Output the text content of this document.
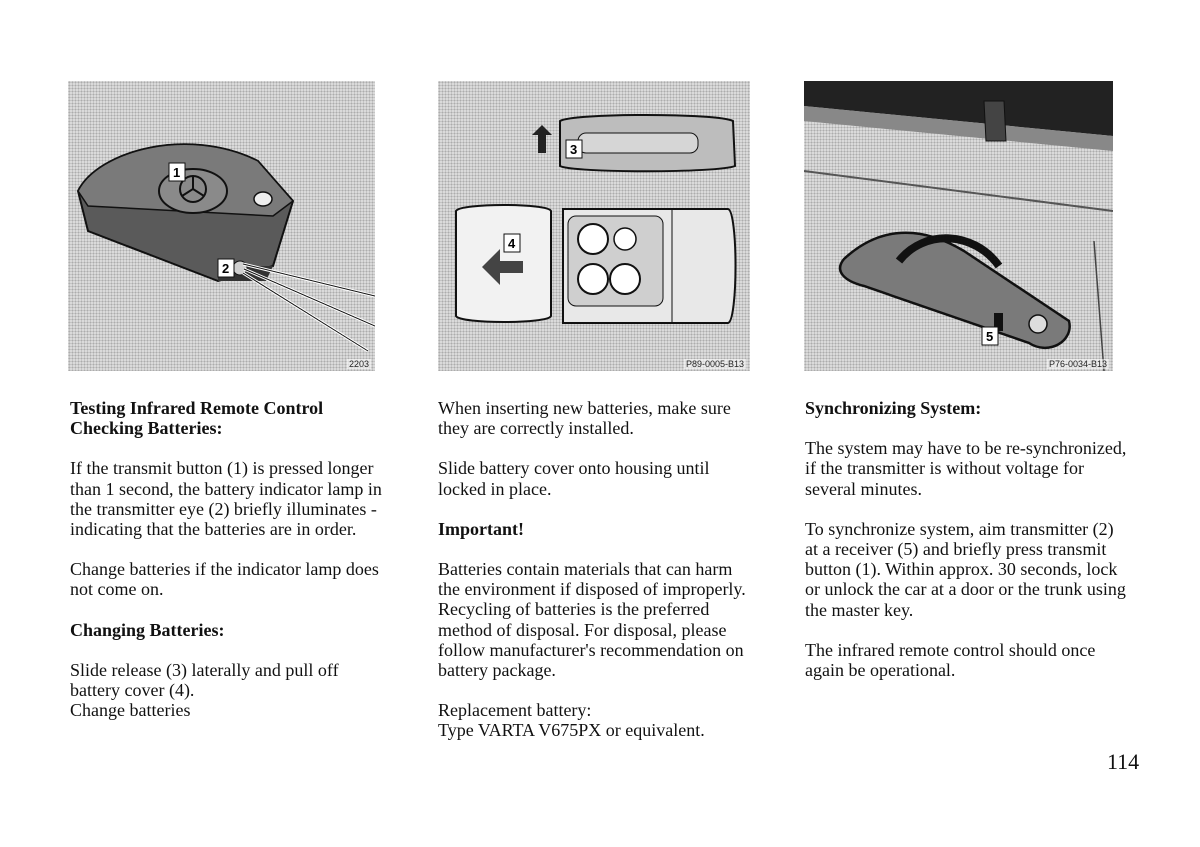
1
2
2203
3
4
P89-0005-B13
5
P76-0034-B13

Testing Infrared Remote Control
Checking Batteries:

If the transmit button (1) is pressed longer than 1 second, the battery indicator lamp in the transmitter eye (2) briefly illuminates -indicating that the batteries are in order.

Change batteries if the indicator lamp does not come on.

Changing Batteries:

Slide release (3) laterally and pull off
battery cover (4).
Change batteries

When inserting new batteries, make sure they are correctly installed.

Slide battery cover onto housing until locked in place.

Important!

Batteries contain materials that can harm the environment if disposed of improperly. Recycling of batteries is the preferred method of disposal. For disposal, please follow manufacturer's recommendation on battery package.

Replacement battery:
Type VARTA V675PX or equivalent.

Synchronizing System:

The system may have to be re-synchronized, if the transmitter is without voltage for several minutes.

To synchronize system, aim transmitter (2) at a receiver (5) and briefly press transmit button (1). Within approx. 30 seconds, lock or unlock the car at a door or the trunk using the master key.

The infrared remote control should once again be operational.

114
